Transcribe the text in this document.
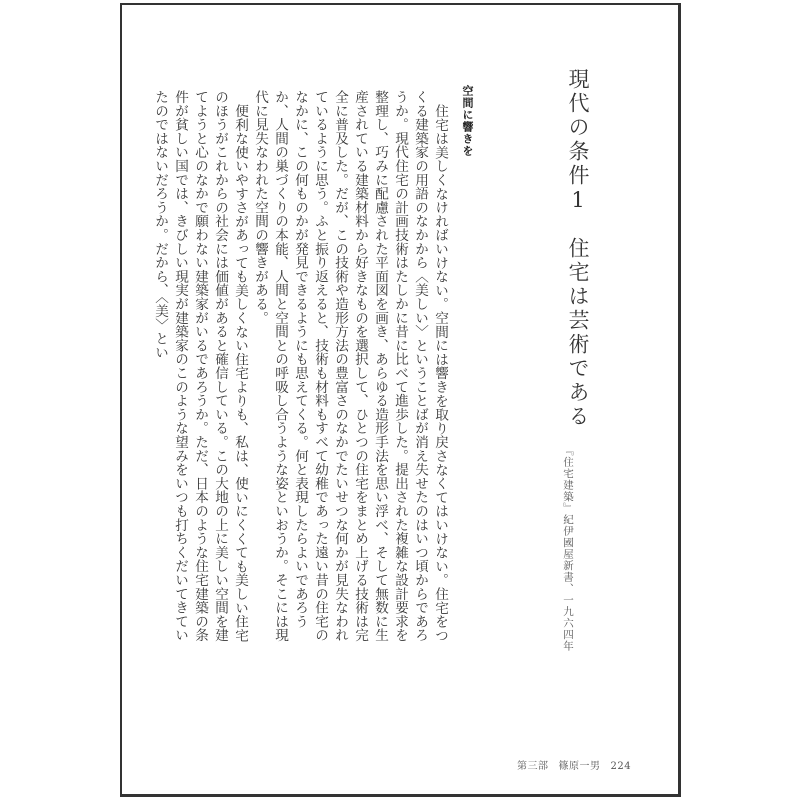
現代の条件1住宅は芸術である
『住宅建築』紀伊國屋新書、一九六四年
空間に響きを

住宅は美しくなければいけない。空間には響きを取り戻さなくてはいけない。住宅をつくる建築家の用語のなかから〈美しい〉ということばが消え失せたのはいつ頃からであろうか。現代住宅の計画技術はたしかに昔に比べて進歩した。提出された複雑な設計要求を整理し、巧みに配慮された平面図を画き、あらゆる造形手法を思い浮べ、そして無数に生産されている建築材料から好きなものを選択して、ひとつの住宅をまとめ上げる技術は完全に普及した。だが、この技術や造形方法の豊富さのなかでたいせつな何かが見失なわれているように思う。ふと振り返えると、技術も材料もすべて幼稚であった遠い昔の住宅のなかに、この何ものかが発見できるようにも思えてくる。何と表現したらよいであろうか、人間の巣づくりの本能、人間と空間との呼吸し合うような姿といおうか。そこには現代に見失なわれた空間の響きがある。

便利な使いやすさがあっても美しくない住宅よりも、私は、使いにくくても美しい住宅のほうがこれからの社会には価値があると確信している。この大地の上に美しい空間を建てようと心のなかで願わない建築家がいるであろうか。ただ、日本のような住宅建築の条件が貧しい国では、きびしい現実が建築家のこのような望みをいつも打ちくだいてきていたのではないだろうか。だから、〈美〉とい

第三部 篠原一男 224
